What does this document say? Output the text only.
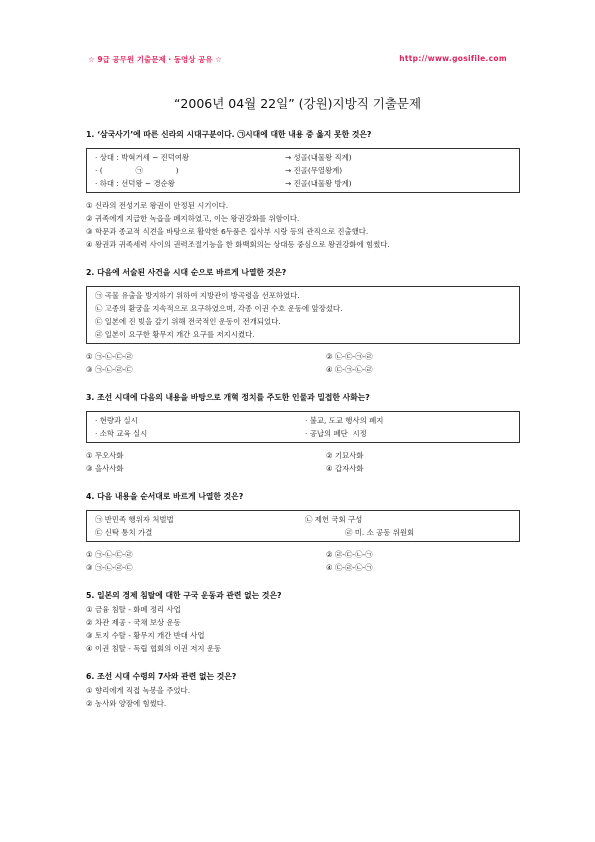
☆ 9급 공무원 기출문제 · 동영상 공유 ☆	http://www.gosifile.com
“2006년 04월 22일” (강원)지방직 기출문제

1. ‘삼국사기’에 따른 신라의 시대구분이다. ㉠시대에 대한 내용 중 옳지 못한 것은?

· 상대 : 박혁거세 ~ 진덕여왕	→ 성골(내물왕 직계)
· (              ㉠              )	→ 진골(무열왕계)
· 하대 : 선덕왕 ~ 경순왕	→ 진골(내물왕 방계)
① 신라의 전성기로 왕권이 안정된 시기이다.
② 귀족에게 지급한 녹읍을 폐지하였고, 이는 왕권강화를 위함이다.
③ 학문과 종교적 식견을 바탕으로 활약한 6두품은 집사부 시랑 등의 관직으로 진출했다.
④ 왕권과 귀족세력 사이의 권력조절기능을 한 화백회의는 상대등 중심으로 왕권강화에 힘썼다.

2. 다음에 서술된 사건을 시대 순으로 바르게 나열한 것은?

㉠ 곡물 유출을 방지하기 위하여 지방관이 방곡령을 선포하였다.
㉡ 고종의 환궁을 지속적으로 요구하였으며, 각종 이권 수호 운동에 앞장섰다.
㉢ 일본에 진 빚을 갚기 위해 전국적인 운동이 전개되었다.
㉣ 일본이 요구한 황무지 개간 요구를 저지시켰다.
① ㉠-㉡-㉢-㉣	② ㉡-㉢-㉠-㉣
③ ㉠-㉡-㉣-㉢	④ ㉢-㉠-㉡-㉣

3. 조선 시대에 다음의 내용을 바탕으로 개혁 정치를 주도한 인물과 밀접한 사화는?

· 현량과 실시	· 불교, 도교 행사의 폐지
· 소학 교육 실시	· 공납의 폐단  시정
① 무오사화	② 기묘사화
③ 을사사화	④ 갑자사화

4. 다음 내용을 순서대로 바르게 나열한 것은?

㉠ 반민족 행위자 처벌법	㉡ 제헌 국회 구성
㉢ 신탁 통치 가결	㉣ 미. 소 공동 위원회
① ㉠-㉡-㉢-㉣	② ㉣-㉢-㉡-㉠
③ ㉠-㉡-㉣-㉢	④ ㉢-㉣-㉡-㉠

5. 일본의 경제 침탈에 대한 구국 운동과 관련 없는 것은?

① 금융 침탈 - 화폐 정리 사업
② 차관 제공 - 국채 보상 운동
③ 토지 수탈 - 황무지 개간 반대 사업
④ 이권 침탈 - 독립 협회의 이권 저지 운동

6. 조선 시대 수령의 7사와 관련 없는 것은?

① 향리에게 직접 녹봉을 주었다.
② 농사와 양잠에 힘썼다.
